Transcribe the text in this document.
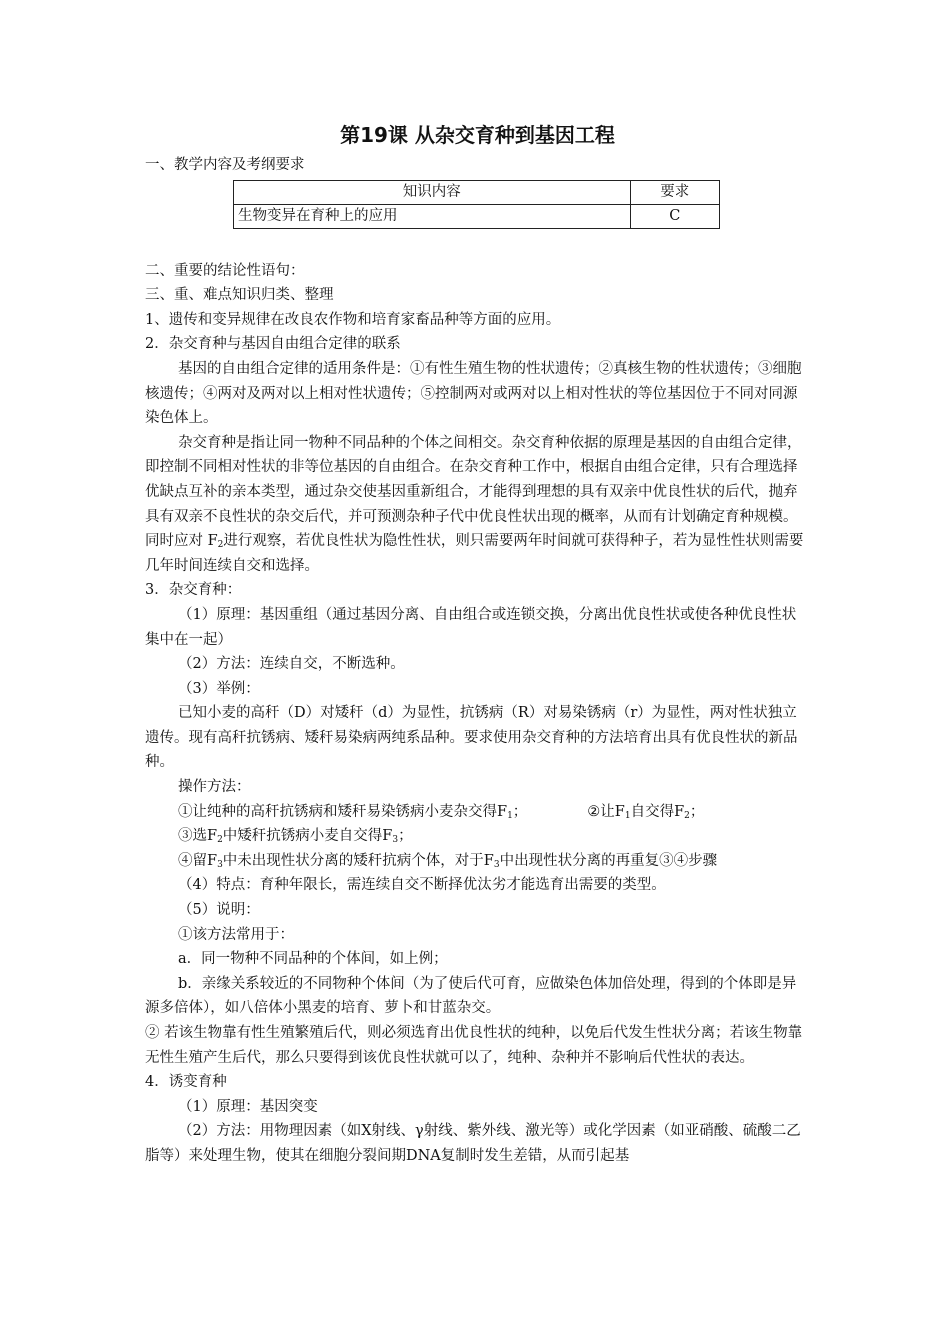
第19课 从杂交育种到基因工程
一、教学内容及考纲要求
知识内容	要求
生物变异在育种上的应用	C
二、重要的结论性语句：
三、重、难点知识归类、整理
1、遗传和变异规律在改良农作物和培育家畜品种等方面的应用。
2．杂交育种与基因自由组合定律的联系
基因的自由组合定律的适用条件是：①有性生殖生物的性状遗传；②真核生物的性状遗传；③细胞核遗传；④两对及两对以上相对性状遗传；⑤控制两对或两对以上相对性状的等位基因位于不同对同源染色体上。
杂交育种是指让同一物种不同品种的个体之间相交。杂交育种依据的原理是基因的自由组合定律，即控制不同相对性状的非等位基因的自由组合。在杂交育种工作中，根据自由组合定律，只有合理选择优缺点互补的亲本类型，通过杂交使基因重新组合，才能得到理想的具有双亲中优良性状的后代，抛弃具有双亲不良性状的杂交后代，并可预测杂种子代中优良性状出现的概率，从而有计划确定育种规模。同时应对 $F_2$进行观察，若优良性状为隐性性状，则只需要两年时间就可获得种子，若为显性性状则需要几年时间连续自交和选择。
3．杂交育种：
（1）原理：基因重组（通过基因分离、自由组合或连锁交换，分离出优良性状或使各种优良性状集中在一起）
（2）方法：连续自交，不断选种。
（3）举例：
已知小麦的高秆（D）对矮秆（d）为显性，抗锈病（R）对易染锈病（r）为显性，两对性状独立遗传。现有高秆抗锈病、矮秆易染病两纯系品种。要求使用杂交育种的方法培育出具有优良性状的新品种。
操作方法：
①让纯种的高秆抗锈病和矮秆易染锈病小麦杂交得$F_1$；	②让$F_1$自交得$F_2$；
③选$F_2$中矮秆抗锈病小麦自交得$F_3$；
④留$F_3$中未出现性状分离的矮秆抗病个体，对于$F_3$中出现性状分离的再重复③④步骤
（4）特点：育种年限长，需连续自交不断择优汰劣才能选育出需要的类型。
（5）说明：
①该方法常用于：
a．同一物种不同品种的个体间，如上例；
b．亲缘关系较近的不同物种个体间（为了使后代可育，应做染色体加倍处理，得到的个体即是异源多倍体），如八倍体小黑麦的培育、萝卜和甘蓝杂交。
② 若该生物靠有性生殖繁殖后代，则必须选育出优良性状的纯种，以免后代发生性状分离；若该生物靠无性生殖产生后代，那么只要得到该优良性状就可以了，纯种、杂种并不影响后代性状的表达。
4．诱变育种
（1）原理：基因突变
（2）方法：用物理因素（如X射线、γ射线、紫外线、激光等）或化学因素（如亚硝酸、硫酸二乙脂等）来处理生物，使其在细胞分裂间期DNA复制时发生差错，从而引起基
